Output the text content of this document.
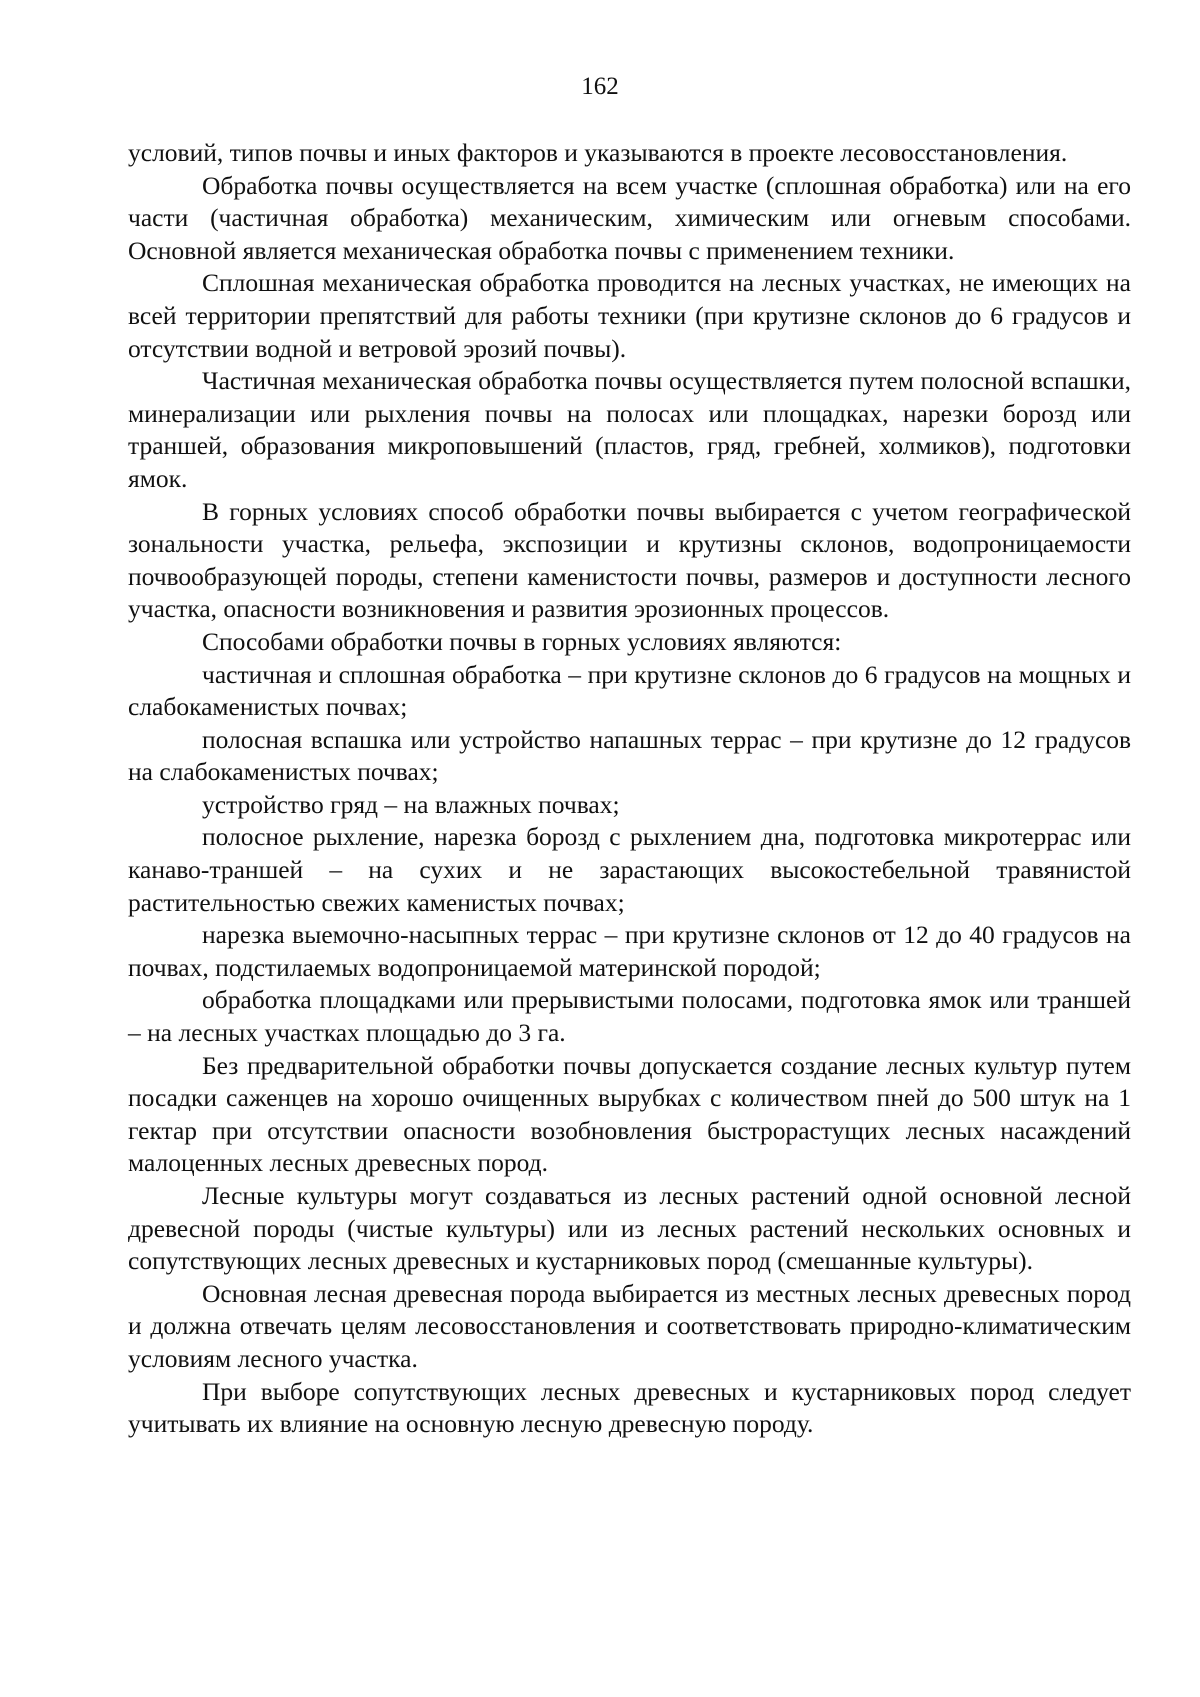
162

условий, типов почвы и иных факторов и указываются в проекте лесовосстановления.

Обработка почвы осуществляется на всем участке (сплошная обработка) или на его части (частичная обработка) механическим, химическим или огневым способами. Основной является механическая обработка почвы с применением техники.

Сплошная механическая обработка проводится на лесных участках, не имеющих на всей территории препятствий для работы техники (при крутизне склонов до 6 градусов и отсутствии водной и ветровой эрозий почвы).

Частичная механическая обработка почвы осуществляется путем полосной вспашки, минерализации или рыхления почвы на полосах или площадках, нарезки борозд или траншей, образования микроповышений (пластов, гряд, гребней, холмиков), подготовки ямок.

В горных условиях способ обработки почвы выбирается с учетом географической зональности участка, рельефа, экспозиции и крутизны склонов, водопроницаемости почвообразующей породы, степени каменистости почвы, размеров и доступности лесного участка, опасности возникновения и развития эрозионных процессов.

Способами обработки почвы в горных условиях являются:

частичная и сплошная обработка – при крутизне склонов до 6 градусов на мощных и слабокаменистых почвах;

полосная вспашка или устройство напашных террас – при крутизне до 12 градусов на слабокаменистых почвах;

устройство гряд – на влажных почвах;

полосное рыхление, нарезка борозд с рыхлением дна, подготовка микротеррас или канаво-траншей – на сухих и не зарастающих высокостебельной травянистой растительностью свежих каменистых почвах;

нарезка выемочно-насыпных террас – при крутизне склонов от 12 до 40 градусов на почвах, подстилаемых водопроницаемой материнской породой;

обработка площадками или прерывистыми полосами, подготовка ямок или траншей – на лесных участках площадью до 3 га.

Без предварительной обработки почвы допускается создание лесных культур путем посадки саженцев на хорошо очищенных вырубках с количеством пней до 500 штук на 1 гектар при отсутствии опасности возобновления быстрорастущих лесных насаждений малоценных лесных древесных пород.

Лесные культуры могут создаваться из лесных растений одной основной лесной древесной породы (чистые культуры) или из лесных растений нескольких основных и сопутствующих лесных древесных и кустарниковых пород (смешанные культуры).

Основная лесная древесная порода выбирается из местных лесных древесных пород и должна отвечать целям лесовосстановления и соответствовать природно-климатическим условиям лесного участка.

При выборе сопутствующих лесных древесных и кустарниковых пород следует учитывать их влияние на основную лесную древесную породу.
